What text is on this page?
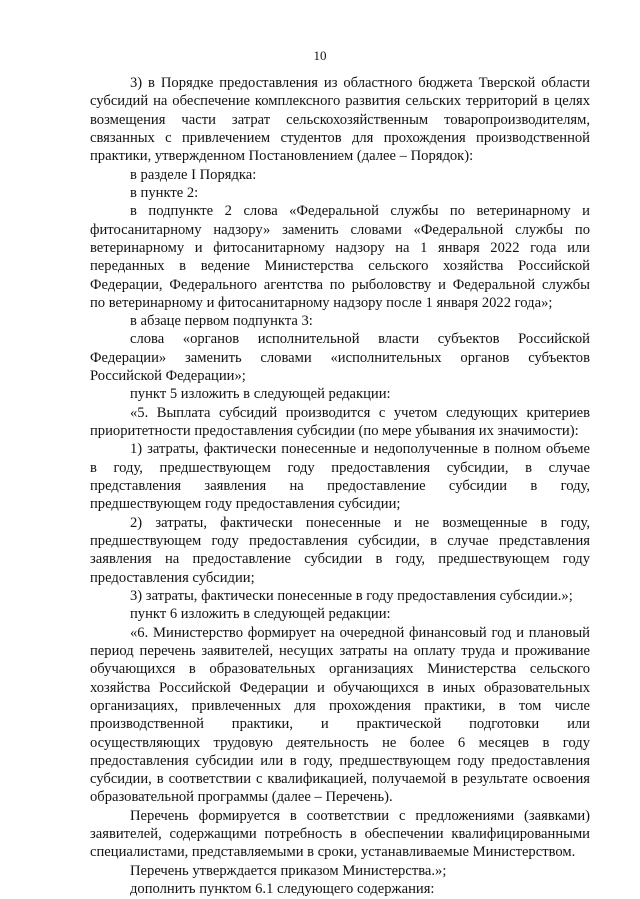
10
3) в Порядке предоставления из областного бюджета Тверской области
субсидий на обеспечение комплексного развития сельских территорий в целях
возмещения части затрат сельскохозяйственным товаропроизводителям,
связанных с привлечением студентов для прохождения производственной
практики, утвержденном Постановлением (далее – Порядок):
в разделе I Порядка:
в пункте 2:
в подпункте 2 слова «Федеральной службы по ветеринарному и
фитосанитарному надзору» заменить словами «Федеральной службы по
ветеринарному и фитосанитарному надзору на 1 января 2022 года или
переданных в ведение Министерства сельского хозяйства Российской
Федерации, Федерального агентства по рыболовству и Федеральной службы
по ветеринарному и фитосанитарному надзору после 1 января 2022 года»;
в абзаце первом подпункта 3:
слова «органов исполнительной власти субъектов Российской
Федерации» заменить словами «исполнительных органов субъектов
Российской Федерации»;
пункт 5 изложить в следующей редакции:
«5. Выплата субсидий производится с учетом следующих критериев
приоритетности предоставления субсидии (по мере убывания их значимости):
1) затраты, фактически понесенные и недополученные в полном объеме
в году, предшествующем году предоставления субсидии, в случае
представления заявления на предоставление субсидии в году,
предшествующем году предоставления субсидии;
2) затраты, фактически понесенные и не возмещенные в году,
предшествующем году предоставления субсидии, в случае представления
заявления на предоставление субсидии в году, предшествующем году
предоставления субсидии;
3) затраты, фактически понесенные в году предоставления субсидии.»;
пункт 6 изложить в следующей редакции:
«6. Министерство формирует на очередной финансовый год и плановый
период перечень заявителей, несущих затраты на оплату труда и проживание
обучающихся в образовательных организациях Министерства сельского
хозяйства Российской Федерации и обучающихся в иных образовательных
организациях, привлеченных для прохождения практики, в том числе
производственной практики, и практической подготовки или
осуществляющих трудовую деятельность не более 6 месяцев в году
предоставления субсидии или в году, предшествующем году предоставления
субсидии, в соответствии с квалификацией, получаемой в результате освоения
образовательной программы (далее – Перечень).
Перечень формируется в соответствии с предложениями (заявками)
заявителей, содержащими потребность в обеспечении квалифицированными
специалистами, представляемыми в сроки, устанавливаемые Министерством.
Перечень утверждается приказом Министерства.»;
дополнить пунктом 6.1 следующего содержания:
